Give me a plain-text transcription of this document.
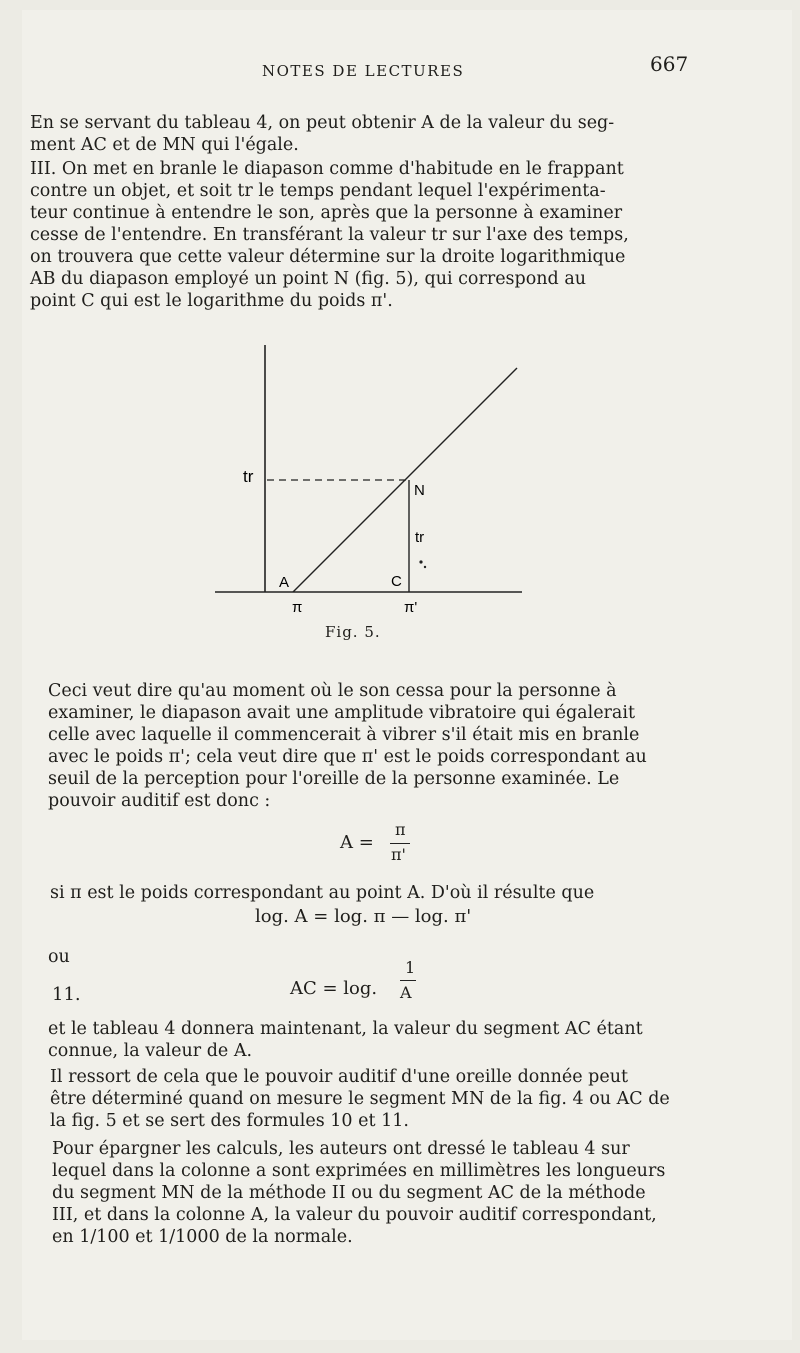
NOTES DE LECTURES	667
En se servant du tableau 4, on peut obtenir A de la valeur du seg-
ment AC et de MN qui l'égale.
III. On met en branle le diapason comme d'habitude en le frappant
contre un objet, et soit tr le temps pendant lequel l'expérimenta-
teur continue à entendre le son, après que la personne à examiner
cesse de l'entendre. En transférant la valeur tr sur l'axe des temps,
on trouvera que cette valeur détermine sur la droite logarithmique
AB du diapason employé un point N (fig. 5), qui correspond au
point C qui est le logarithme du poids π'.
tr
N
tr
A	C
π	π'
Fig. 5.
Ceci veut dire qu'au moment où le son cessa pour la personne à
examiner, le diapason avait une amplitude vibratoire qui égalerait
celle avec laquelle il commencerait à vibrer s'il était mis en branle
avec le poids π'; cela veut dire que π' est le poids correspondant au
seuil de la perception pour l'oreille de la personne examinée. Le
pouvoir auditif est donc :
A =
π
π'
si π est le poids correspondant au point A. D'où il résulte que
log. A = log. π — log. π'
ou
11.	AC = log.
1
A
et le tableau 4 donnera maintenant, la valeur du segment AC étant
connue, la valeur de A.
Il ressort de cela que le pouvoir auditif d'une oreille donnée peut
être déterminé quand on mesure le segment MN de la fig. 4 ou AC de
la fig. 5 et se sert des formules 10 et 11.
Pour épargner les calculs, les auteurs ont dressé le tableau 4 sur
lequel dans la colonne a sont exprimées en millimètres les longueurs
du segment MN de la méthode II ou du segment AC de la méthode
III, et dans la colonne A, la valeur du pouvoir auditif correspondant,
en 1/100 et 1/1000 de la normale.
